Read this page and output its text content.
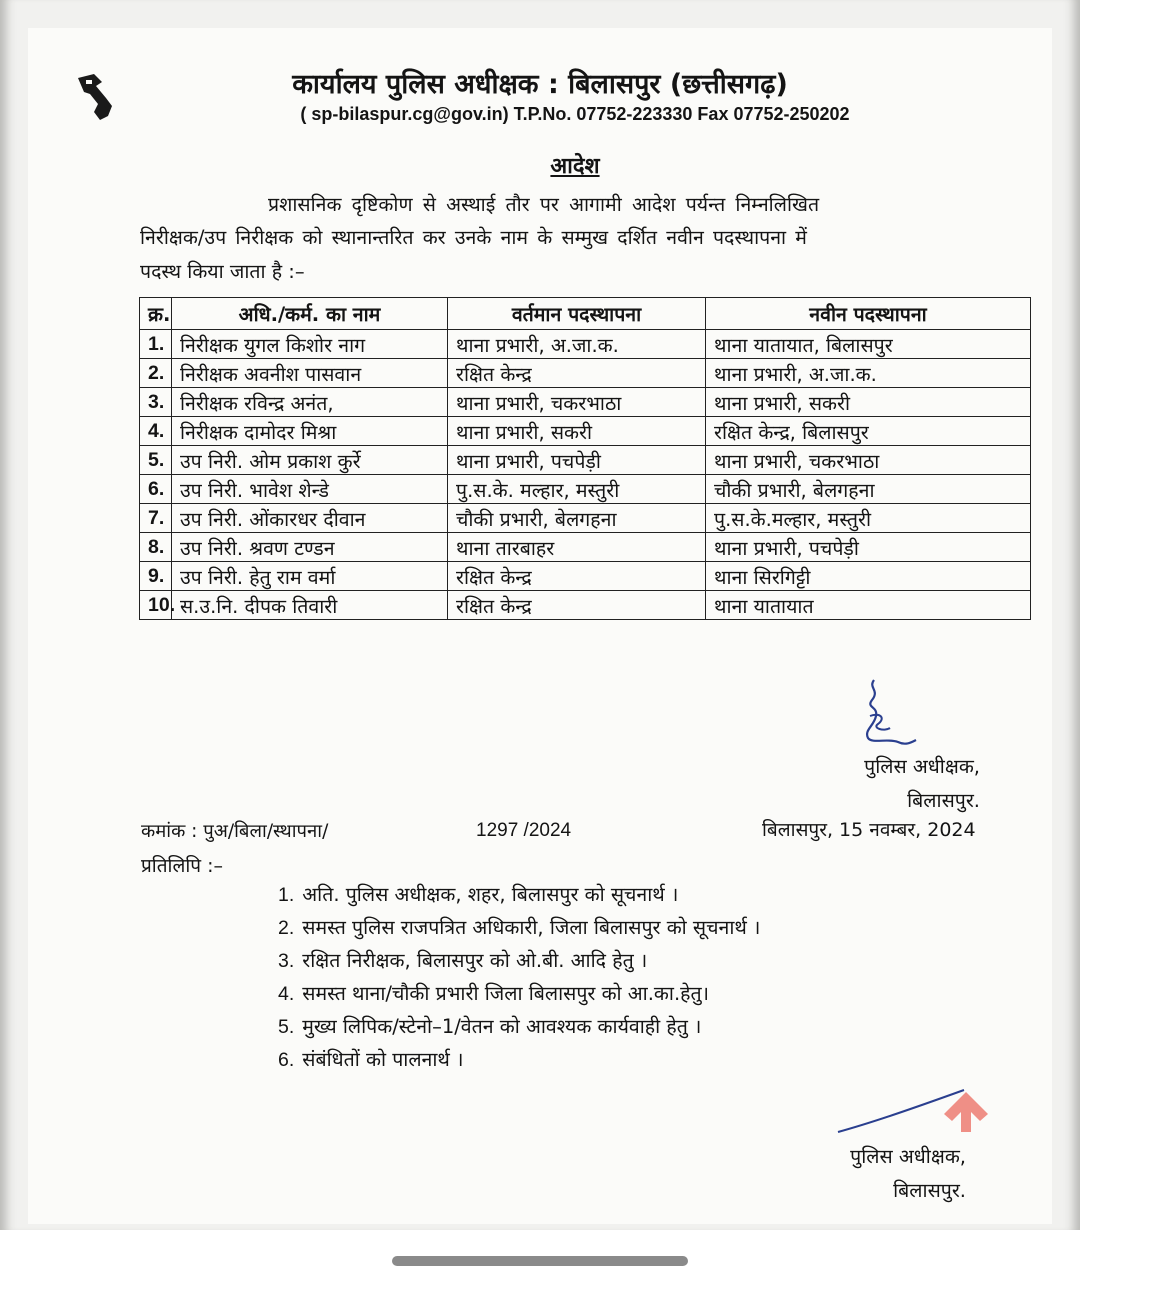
कार्यालय पुलिस अधीक्षक : बिलासपुर (छत्तीसगढ़)
( sp-bilaspur.cg@gov.in) T.P.No. 07752-223330 Fax 07752-250202
आदेश
प्रशासनिक दृष्टिकोण से अस्थाई तौर पर आगामी आदेश पर्यन्त निम्नलिखित
निरीक्षक/उप निरीक्षक को स्थानान्तरित कर उनके नाम के सम्मुख दर्शित नवीन पदस्थापना में
पदस्थ किया जाता है :–
क्र.	अधि./कर्म. का नाम	वर्तमान पदस्थापना	नवीन पदस्थापना
1.	निरीक्षक युगल किशोर नाग	थाना प्रभारी, अ.जा.क.	थाना यातायात, बिलासपुर
2.	निरीक्षक अवनीश पासवान	रक्षित केन्द्र	थाना प्रभारी, अ.जा.क.
3.	निरीक्षक रविन्द्र अनंत,	थाना प्रभारी, चकरभाठा	थाना प्रभारी, सकरी
4.	निरीक्षक दामोदर मिश्रा	थाना प्रभारी, सकरी	रक्षित केन्द्र, बिलासपुर
5.	उप निरी. ओम प्रकाश कुर्रे	थाना प्रभारी, पचपेड़ी	थाना प्रभारी, चकरभाठा
6.	उप निरी. भावेश शेन्डे	पु.स.के. मल्हार, मस्तुरी	चौकी प्रभारी, बेलगहना
7.	उप निरी. ओंकारधर दीवान	चौकी प्रभारी, बेलगहना	पु.स.के.मल्हार, मस्तुरी
8.	उप निरी. श्रवण टण्डन	थाना तारबाहर	थाना प्रभारी, पचपेड़ी
9.	उप निरी. हेतु राम वर्मा	रक्षित केन्द्र	थाना सिरगिट्टी
10.	स.उ.नि. दीपक तिवारी	रक्षित केन्द्र	थाना यातायात
पुलिस अधीक्षक,
बिलासपुर.
कमांक : पुअ/बिला/स्थापना/	1297 /2024	बिलासपुर, 15 नवम्बर, 2024
प्रतिलिपि :–
1. अति. पुलिस अधीक्षक, शहर, बिलासपुर को सूचनार्थ ।
2. समस्त पुलिस राजपत्रित अधिकारी, जिला बिलासपुर को सूचनार्थ ।
3. रक्षित निरीक्षक, बिलासपुर को ओ.बी. आदि हेतु ।
4. समस्त थाना/चौकी प्रभारी जिला बिलासपुर को आ.का.हेतु।
5. मुख्य लिपिक/स्टेनो–1/वेतन को आवश्यक कार्यवाही हेतु ।
6. संबंधितों को पालनार्थ ।
पुलिस अधीक्षक,
बिलासपुर.
